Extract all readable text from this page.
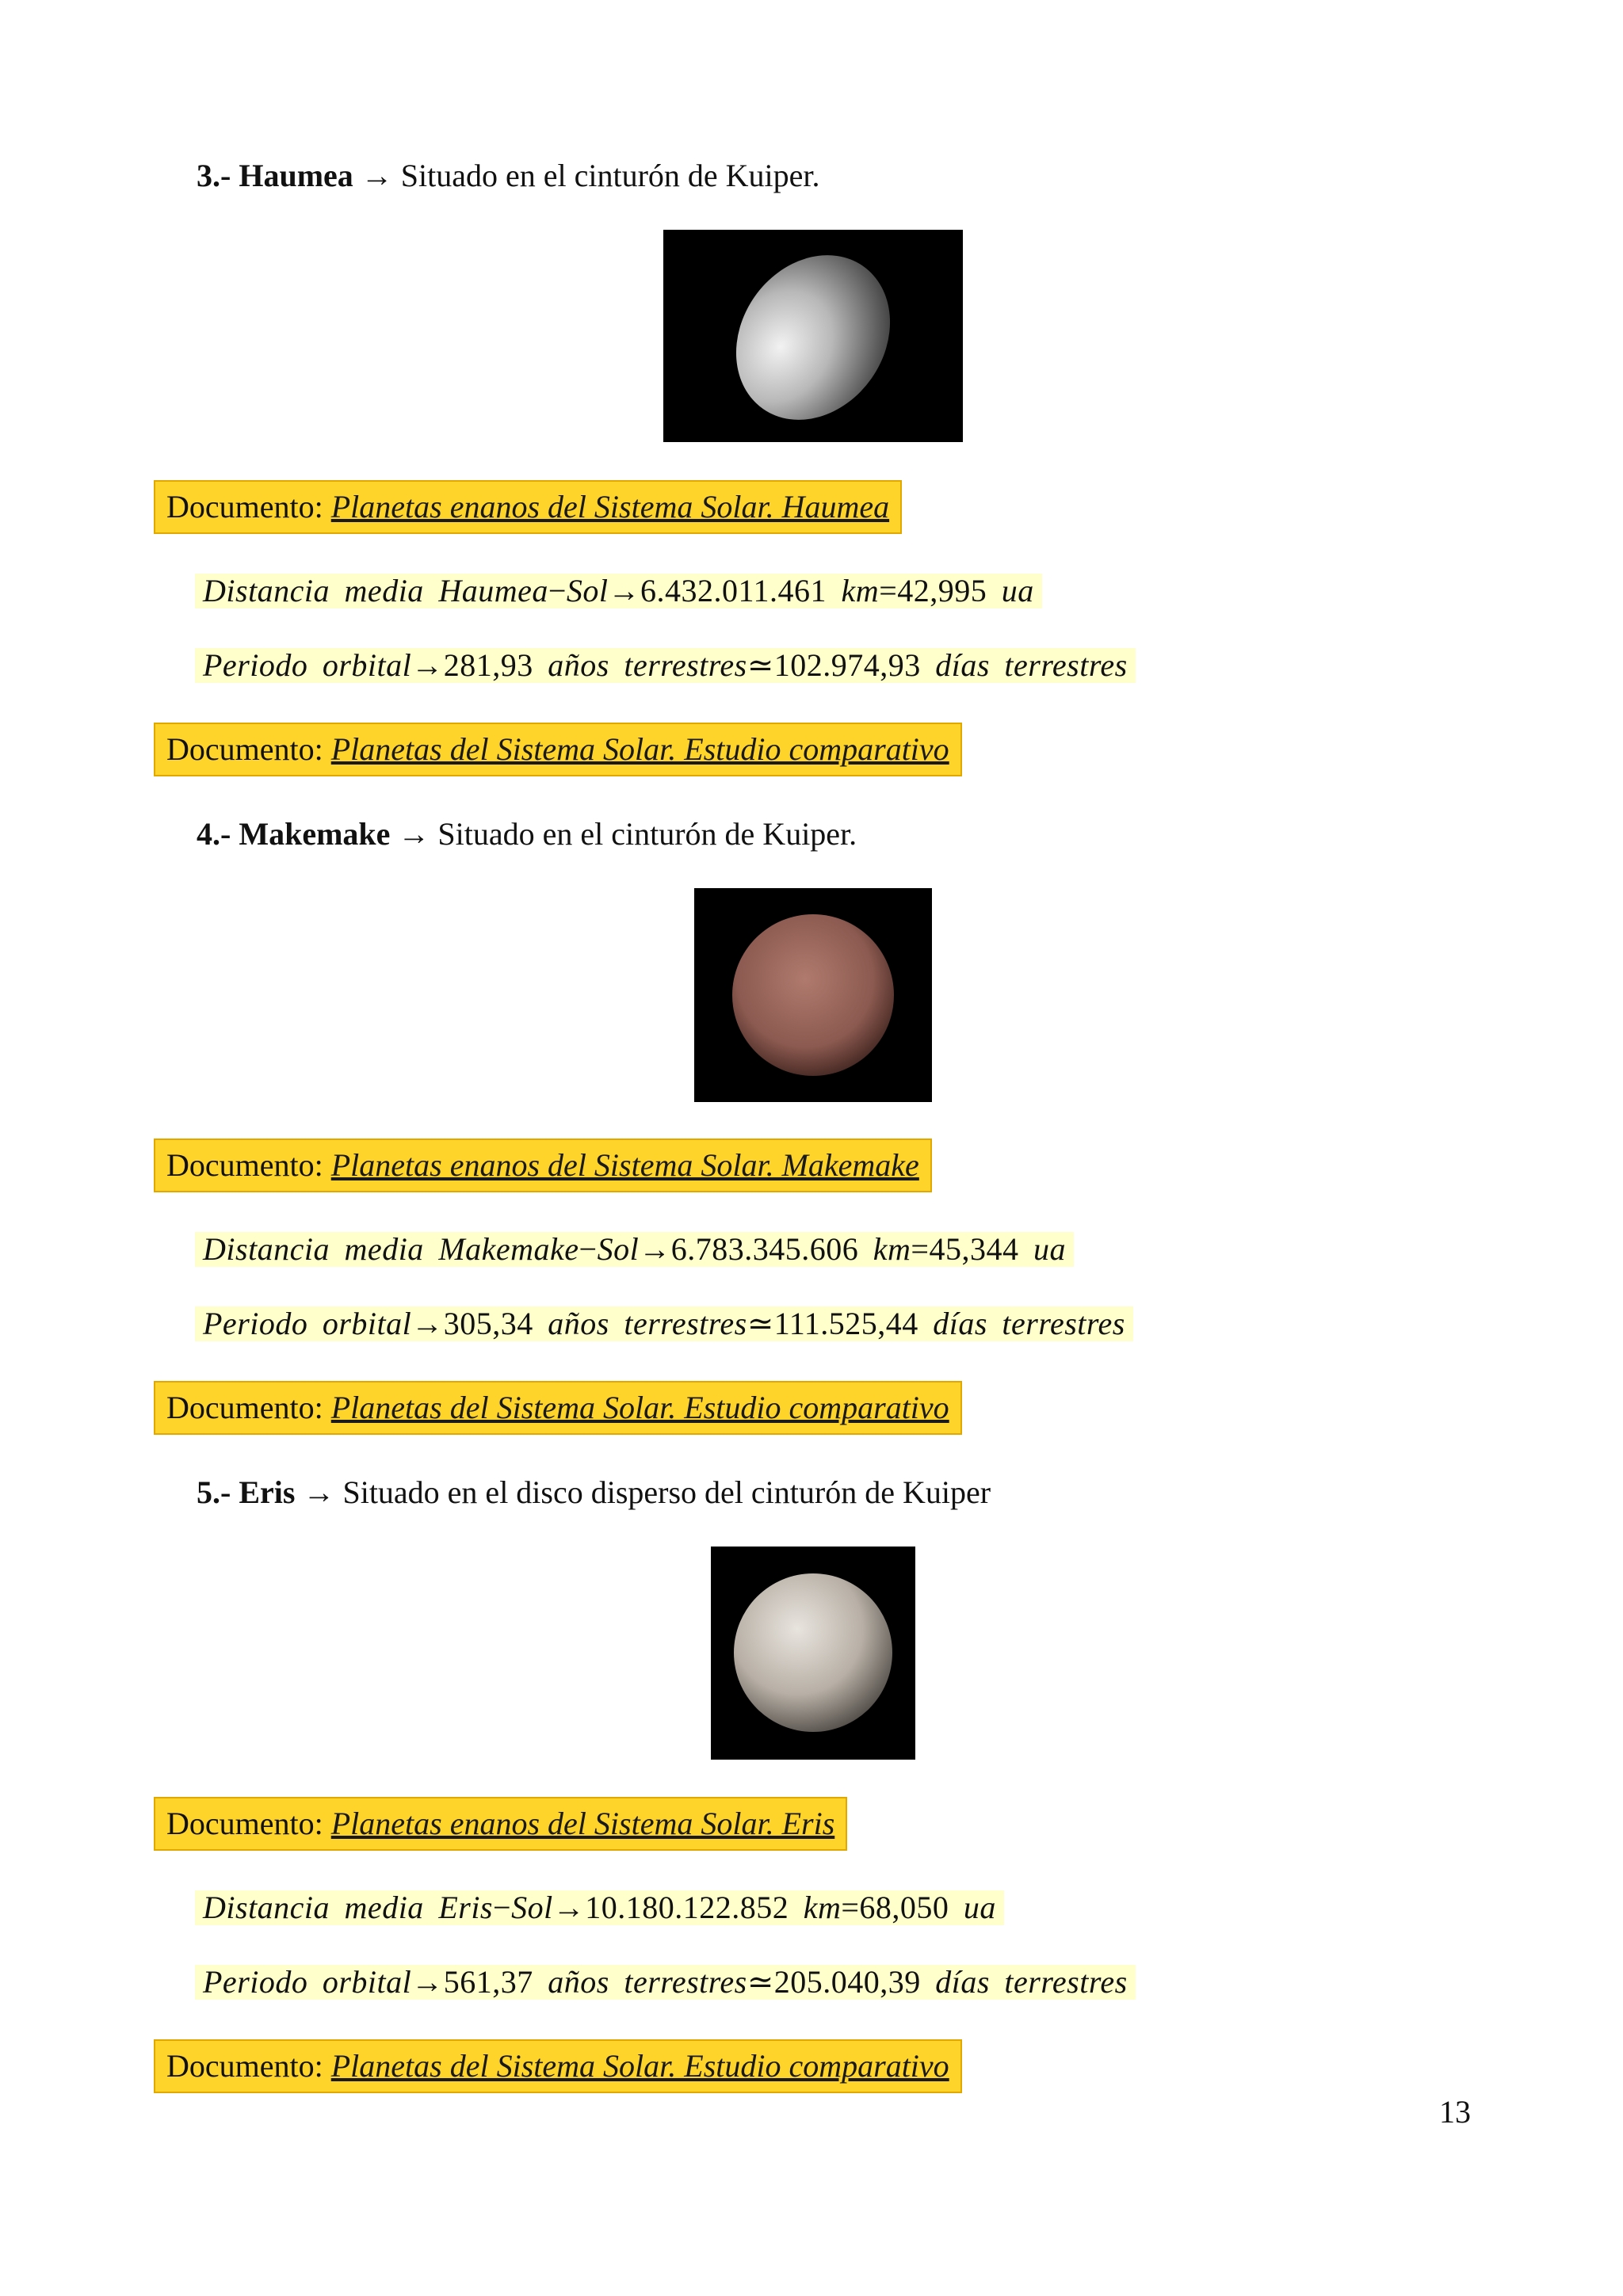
3.- Haumea → Situado en el cinturón de Kuiper.
Documento: Planetas enanos del Sistema Solar. Haumea
Distancia media Haumea−Sol→6.432.011.461 km=42,995 ua
Periodo orbital→281,93 años terrestres≃102.974,93 días terrestres
Documento: Planetas del Sistema Solar. Estudio comparativo
4.- Makemake → Situado en el cinturón de Kuiper.
Documento: Planetas enanos del Sistema Solar. Makemake
Distancia media Makemake−Sol→6.783.345.606 km=45,344 ua
Periodo orbital→305,34 años terrestres≃111.525,44 días terrestres
Documento: Planetas del Sistema Solar. Estudio comparativo
5.- Eris → Situado en el disco disperso del cinturón de Kuiper
Documento: Planetas enanos del Sistema Solar. Eris
Distancia media Eris−Sol→10.180.122.852 km=68,050 ua
Periodo orbital→561,37 años terrestres≃205.040,39 días terrestres
Documento: Planetas del Sistema Solar. Estudio comparativo
13
